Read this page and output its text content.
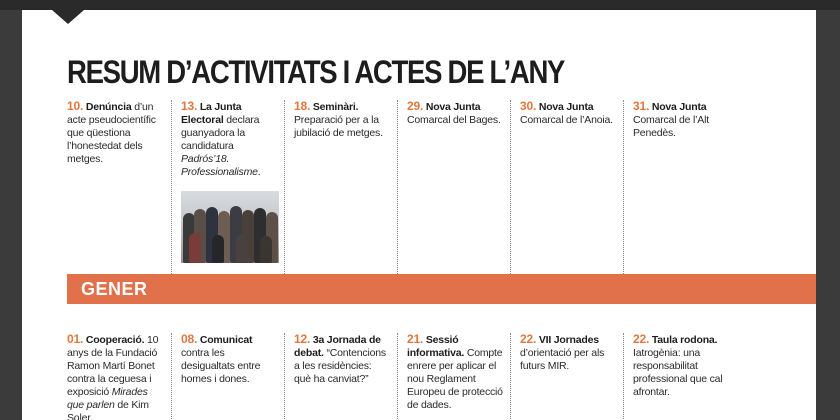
RESUM D’ACTIVITATS I ACTES DE L’ANY
10. Denúncia d’un acte pseudocientífic que qüestiona l’honestedat dels metges.
13. La Junta Electoral declara guanyadora la candidatura Padrós’18. Professionalisme.
18. Seminàri. Preparació per a la jubilació de metges.
29. Nova Junta Comarcal del Bages.
30. Nova Junta Comarcal de l’Anoia.
31. Nova Junta Comarcal de l’Alt Penedès.
GENER
01. Cooperació. 10 anys de la Fundació Ramon Martí Bonet contra la ceguesa i exposició Mirades que parlen de Kim Soler.
08. Comunicat contra les desigualtats entre homes i dones.
12. 3a Jornada de debat. “Contencions a les residències: què ha canviat?”
21. Sessió informativa. Compte enrere per aplicar el nou Reglament Europeu de protecció de dades.
22. VII Jornades d’orientació per als futurs MIR.
22. Taula rodona. Iatrogènia: una responsabilitat professional que cal afrontar.
